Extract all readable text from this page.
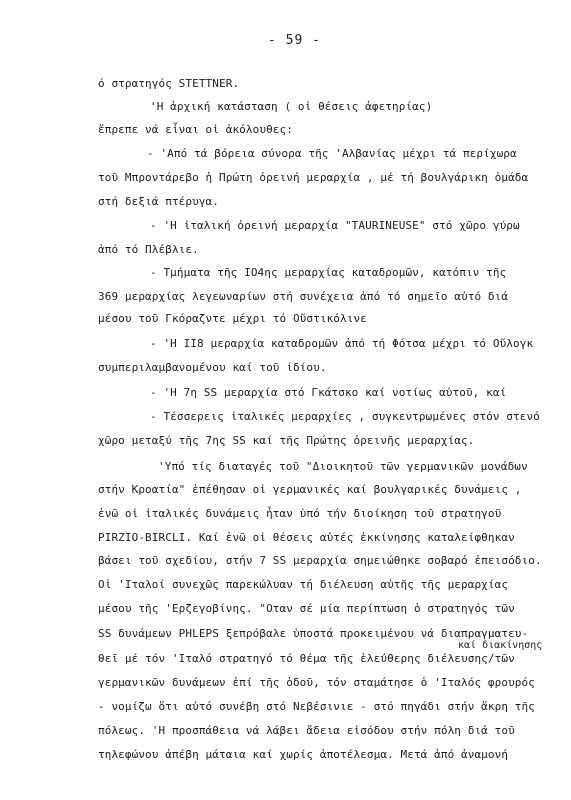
- 59 -
ό στρατηγός STETTNER.
'Η ἀρχική κατάσταση ( οἱ θέσεις ἀφετηρίας)
ἔπρεπε νά εἶναι οἱ ἀκόλουθες:
- 'Από τά βόρεια σύνορα τῆς 'Αλβανίας μέχρι τά περίχωρα
τοῦ Μπροντάρεβο ἡ Πρώτη ὀρεινή μεραρχία , μέ τή βουλγάρικη ὁμάδα
στή δεξιά πτέρυγα.
- 'Η ἰταλική ὀρεινή μεραρχία "TAURINEUSE" στό χῶρο γύρω
ἀπό τό Πλέβλιε.
- Τμήματα τῆς IO4ης μεραρχίας καταδρομῶν, κατόπιν τῆς
369 μεραρχίας λεγεωναρίων στή συνέχεια ἀπό τό σημεῖο αὐτό διά
μέσου τοῦ Γκόραζντε μέχρι τό Οὔστικόλινε
- 'Η II8 μεραρχία καταδρομῶν ἀπό τή Φότσα μέχρι τό Οὔλογκ
συμπεριλαμβανομένου καί τοῦ ἰδίου.
- 'Η 7η SS μεραρχία στό Γκάτσκο καί νοτίως αὐτοῦ, καί
- Τέσσερεις ἰταλικές μεραρχίες , συγκεντρωμένες στόν στενό
χῶρο μεταξύ τῆς 7ης SS καί τῆς Πρώτης ὀρεινῆς μεραρχίας.
'Υπό τίς διαταγές τοῦ "Διοικητοῦ τῶν γερμανικῶν μονάδων
στήν Κροατία" ἐπέθησαν οἱ γερμανικές καί βουλγαρικές δυνάμεις ,
ἐνῶ οἱ ἰταλικές δυνάμεις ἦταν ὑπό τήν διοίκηση τοῦ στρατηγοῦ
PIRZIO-BIRCLI. Καί ἐνῶ οἱ θέσεις αὐτές ἐκκίνησης καταλείφθηκαν
βάσει τοῦ σχεδίου, στήν 7 SS μεραρχία σημειώθηκε σοβαρό ἐπεισόδιο.
Οἱ 'Ιταλοί συνεχῶς παρεκώλυαν τή διέλευση αὐτῆς τῆς μεραρχίας
μέσου τῆς 'Ερζεγοβίνης. "Οταν σέ μία περίπτωση ὁ στρατηγός τῶν
SS δυνάμεων PHLEPS ξεπρόβαλε ὑποστά προκειμένου νά διαπραγματευ-
καί διακίνησης
θεῖ μέ τόν 'Ιταλό στρατηγό τό θέμα τῆς ἐλεύθερης διέλευσης/τῶν
γερμανικῶν δυνάμεων ἐπί τῆς ὁδοῦ, τόν σταμάτησε ὁ 'Ιταλός φρουρός
- νομίζω ὅτι αὐτό συνέβη στό Νεβέσινιε - στό πηγάδι στήν ἄκρη τῆς
πόλεως. 'Η προσπάθεια νά λάβει ἄδεια εἰσόδου στήν πόλη διά τοῦ
τηλεφώνου ἀπέβη μάταια καί χωρίς ἀποτέλεσμα. Μετά ἀπό ἀναμονή
